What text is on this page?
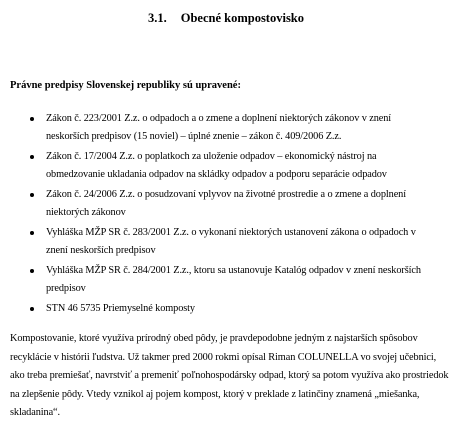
3.1. Obecné kompostovisko
Právne predpisy Slovenskej republiky sú upravené:
Zákon č. 223/2001 Z.z. o odpadoch a o zmene a doplnení niektorých zákonov v znení neskorších predpisov (15 noviel) – úplné znenie – zákon č. 409/2006 Z.z.
Zákon č. 17/2004 Z.z. o poplatkoch za uloženie odpadov – ekonomický nástroj na obmedzovanie ukladania odpadov na skládky odpadov a podporu separácie odpadov
Zákon č. 24/2006 Z.z. o posudzovaní vplyvov na životné prostredie a o zmene a doplnení niektorých zákonov
Vyhláška MŽP SR č. 283/2001 Z.z. o vykonaní niektorých ustanovení zákona o odpadoch v znení neskorších predpisov
Vyhláška MŽP SR č. 284/2001 Z.z., ktoru sa ustanovuje Katalóg odpadov v znení neskorších predpisov
STN 46 5735 Priemyselné komposty

Kompostovanie, ktoré využíva prírodný obed pôdy, je pravdepodobne jedným z najstarších spôsobov recyklácie v histórii ľudstva. Už takmer pred 2000 rokmi opísal Riman COLUNELLA vo svojej učebnici, ako treba premiešať, navrstviť a premeniť poľnohospodársky odpad, ktorý sa potom využíva ako prostriedok na zlepšenie pôdy. Vtedy vznikol aj pojem kompost, ktorý v preklade z latinčiny znamená „miešanka, skladanina“.
